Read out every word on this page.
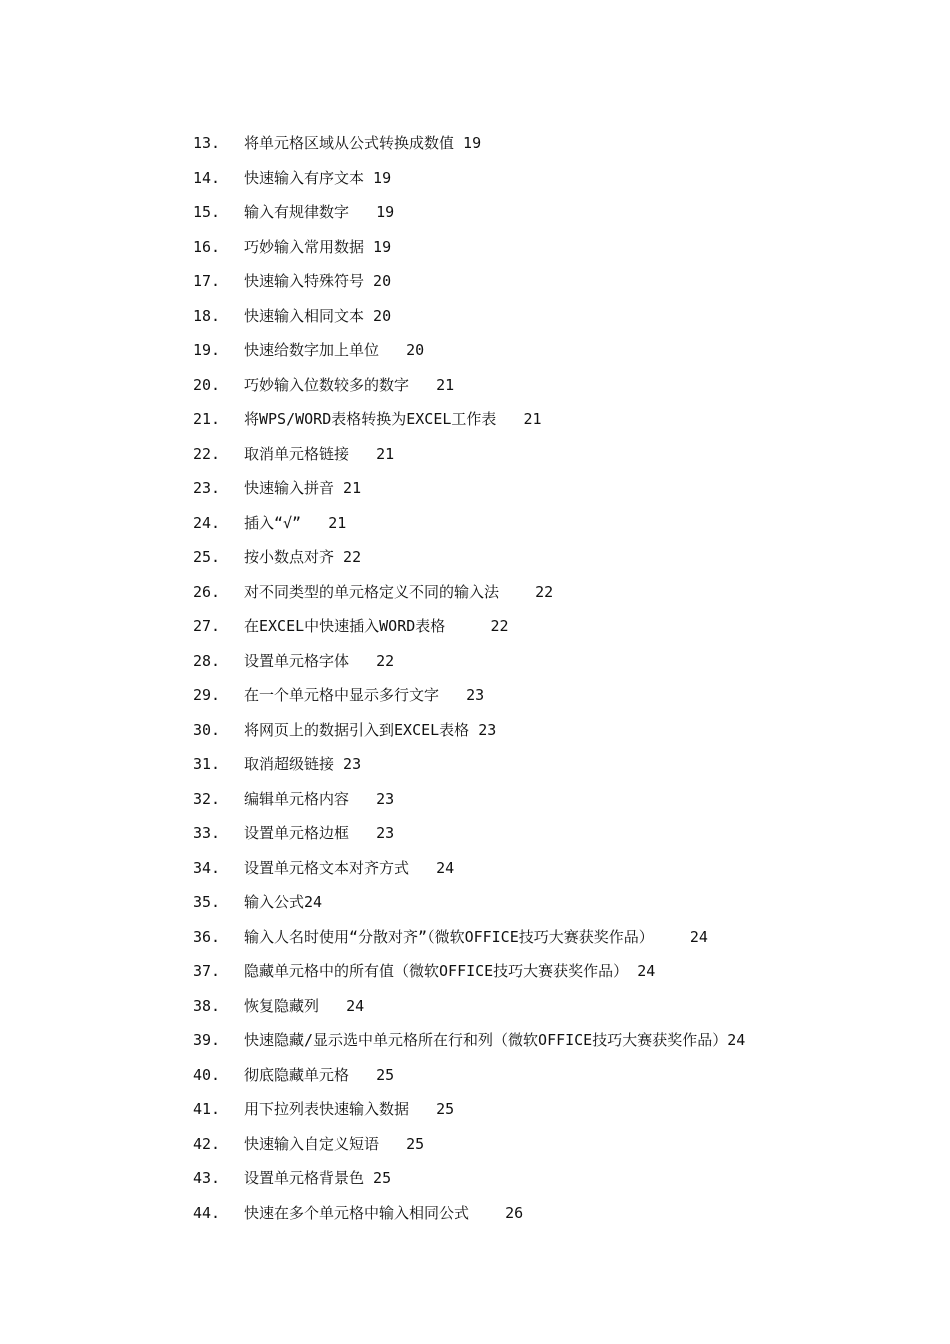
13.	将单元格区域从公式转换成数值
19
14.	快速输入有序文本
19
15.	输入有规律数字
19
16.	巧妙输入常用数据
19
17.	快速输入特殊符号
20
18.	快速输入相同文本
20
19.	快速给数字加上单位
20
20.	巧妙输入位数较多的数字
21
21.	将WPS/WORD表格转换为EXCEL工作表
21
22.	取消单元格链接
21
23.	快速输入拼音
21
24.	插入“√”
21
25.	按小数点对齐
22
26.	对不同类型的单元格定义不同的输入法
22
27.	在EXCEL中快速插入WORD表格
	22
28.	设置单元格字体
22
29.	在一个单元格中显示多行文字
23
30.	将网页上的数据引入到EXCEL表格
23
31.	取消超级链接
23
32.	编辑单元格内容
23
33.	设置单元格边框
23
34.	设置单元格文本对齐方式
24
35.	输入公式 24
36.	输入人名时使用“分散对齐”（微软OFFICE技巧大赛获奖作品）
24
37.	隐藏单元格中的所有值（微软OFFICE技巧大赛获奖作品）
24
38.	恢复隐藏列
24
39.	快速隐藏/显示选中单元格所在行和列（微软OFFICE技巧大赛获奖作品） 24
40.	彻底隐藏单元格
25
41.	用下拉列表快速输入数据
25
42.	快速输入自定义短语
25
43.	设置单元格背景色
25
44.	快速在多个单元格中输入相同公式
26
